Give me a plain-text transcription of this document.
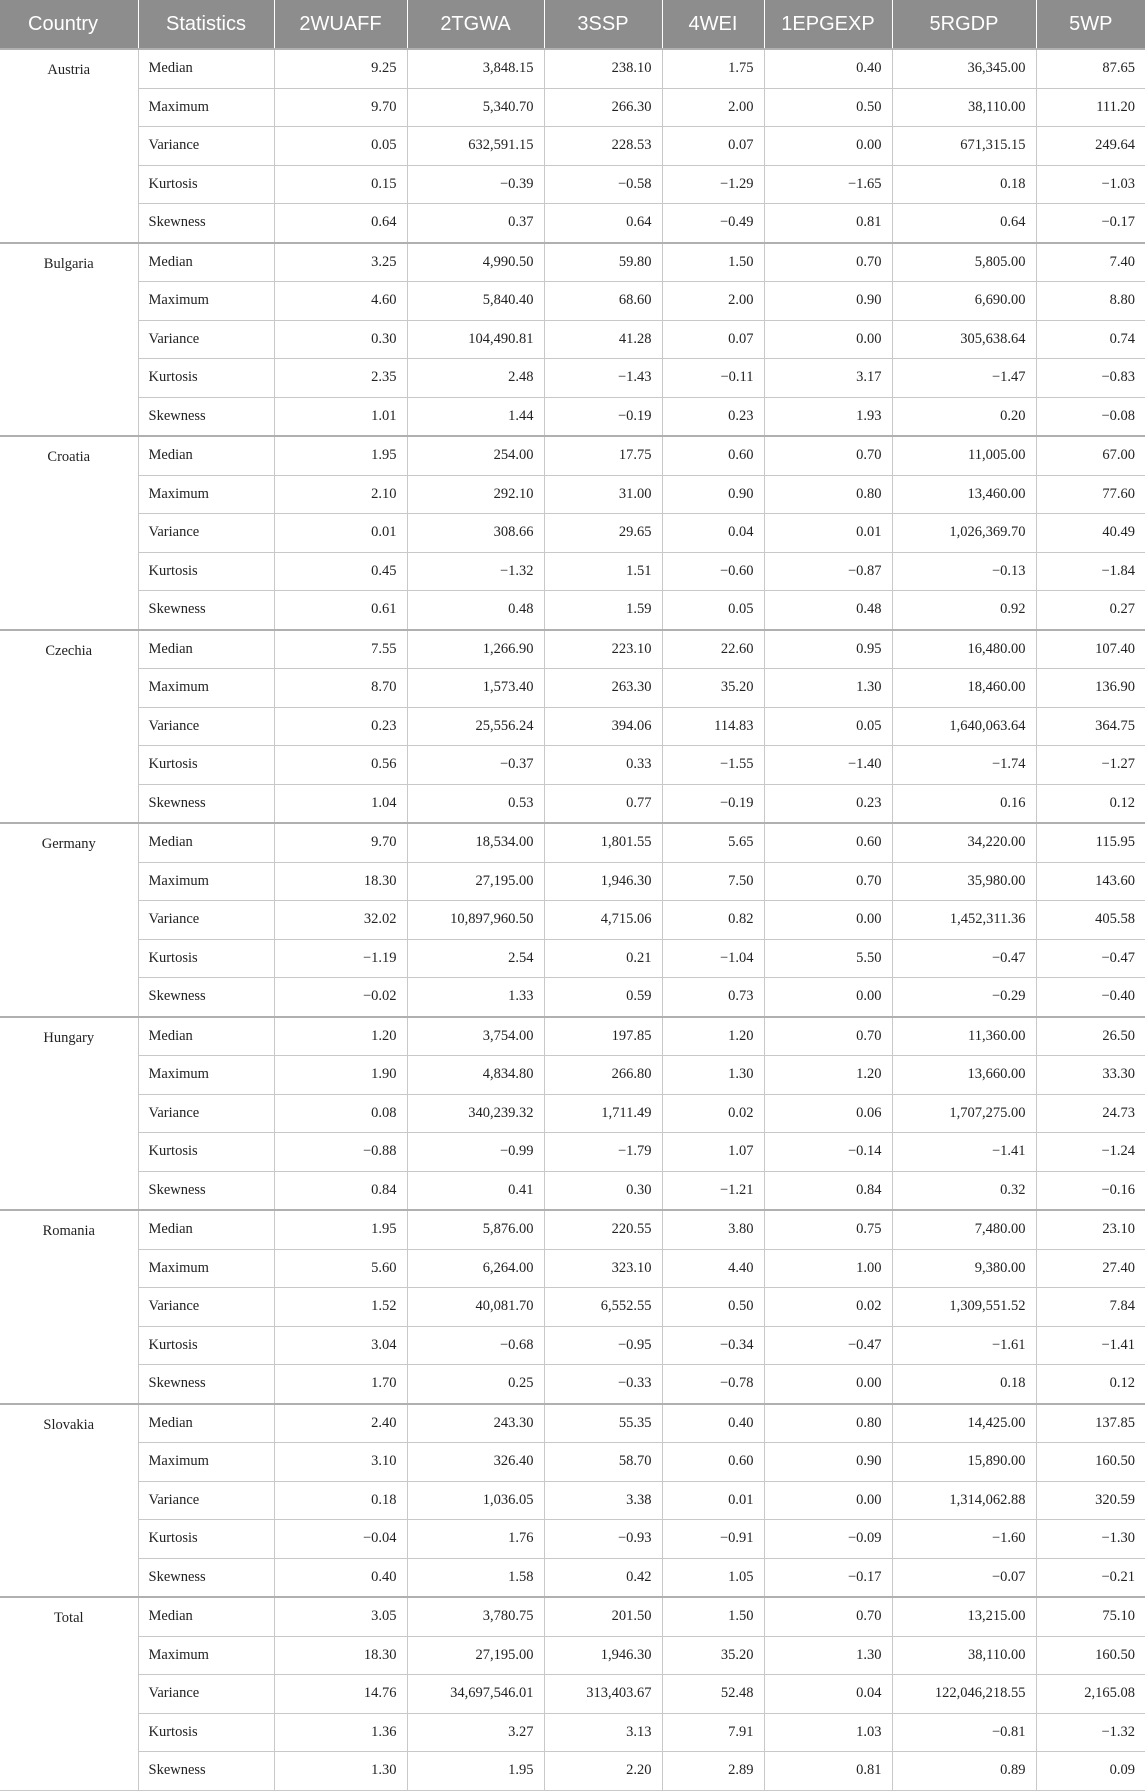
Country	Statistics	2WUAFF	2TGWA	3SSP	4WEI	1EPGEXP	5RGDP	5WP
Austria	Median	9.25	3,848.15	238.10	1.75	0.40	36,345.00	87.65
	Maximum	9.70	5,340.70	266.30	2.00	0.50	38,110.00	111.20
	Variance	0.05	632,591.15	228.53	0.07	0.00	671,315.15	249.64
	Kurtosis	0.15	−0.39	−0.58	−1.29	−1.65	0.18	−1.03
	Skewness	0.64	0.37	0.64	−0.49	0.81	0.64	−0.17
Bulgaria	Median	3.25	4,990.50	59.80	1.50	0.70	5,805.00	7.40
	Maximum	4.60	5,840.40	68.60	2.00	0.90	6,690.00	8.80
	Variance	0.30	104,490.81	41.28	0.07	0.00	305,638.64	0.74
	Kurtosis	2.35	2.48	−1.43	−0.11	3.17	−1.47	−0.83
	Skewness	1.01	1.44	−0.19	0.23	1.93	0.20	−0.08
Croatia	Median	1.95	254.00	17.75	0.60	0.70	11,005.00	67.00
	Maximum	2.10	292.10	31.00	0.90	0.80	13,460.00	77.60
	Variance	0.01	308.66	29.65	0.04	0.01	1,026,369.70	40.49
	Kurtosis	0.45	−1.32	1.51	−0.60	−0.87	−0.13	−1.84
	Skewness	0.61	0.48	1.59	0.05	0.48	0.92	0.27
Czechia	Median	7.55	1,266.90	223.10	22.60	0.95	16,480.00	107.40
	Maximum	8.70	1,573.40	263.30	35.20	1.30	18,460.00	136.90
	Variance	0.23	25,556.24	394.06	114.83	0.05	1,640,063.64	364.75
	Kurtosis	0.56	−0.37	0.33	−1.55	−1.40	−1.74	−1.27
	Skewness	1.04	0.53	0.77	−0.19	0.23	0.16	0.12
Germany	Median	9.70	18,534.00	1,801.55	5.65	0.60	34,220.00	115.95
	Maximum	18.30	27,195.00	1,946.30	7.50	0.70	35,980.00	143.60
	Variance	32.02	10,897,960.50	4,715.06	0.82	0.00	1,452,311.36	405.58
	Kurtosis	−1.19	2.54	0.21	−1.04	5.50	−0.47	−0.47
	Skewness	−0.02	1.33	0.59	0.73	0.00	−0.29	−0.40
Hungary	Median	1.20	3,754.00	197.85	1.20	0.70	11,360.00	26.50
	Maximum	1.90	4,834.80	266.80	1.30	1.20	13,660.00	33.30
	Variance	0.08	340,239.32	1,711.49	0.02	0.06	1,707,275.00	24.73
	Kurtosis	−0.88	−0.99	−1.79	1.07	−0.14	−1.41	−1.24
	Skewness	0.84	0.41	0.30	−1.21	0.84	0.32	−0.16
Romania	Median	1.95	5,876.00	220.55	3.80	0.75	7,480.00	23.10
	Maximum	5.60	6,264.00	323.10	4.40	1.00	9,380.00	27.40
	Variance	1.52	40,081.70	6,552.55	0.50	0.02	1,309,551.52	7.84
	Kurtosis	3.04	−0.68	−0.95	−0.34	−0.47	−1.61	−1.41
	Skewness	1.70	0.25	−0.33	−0.78	0.00	0.18	0.12
Slovakia	Median	2.40	243.30	55.35	0.40	0.80	14,425.00	137.85
	Maximum	3.10	326.40	58.70	0.60	0.90	15,890.00	160.50
	Variance	0.18	1,036.05	3.38	0.01	0.00	1,314,062.88	320.59
	Kurtosis	−0.04	1.76	−0.93	−0.91	−0.09	−1.60	−1.30
	Skewness	0.40	1.58	0.42	1.05	−0.17	−0.07	−0.21
Total	Median	3.05	3,780.75	201.50	1.50	0.70	13,215.00	75.10
	Maximum	18.30	27,195.00	1,946.30	35.20	1.30	38,110.00	160.50
	Variance	14.76	34,697,546.01	313,403.67	52.48	0.04	122,046,218.55	2,165.08
	Kurtosis	1.36	3.27	3.13	7.91	1.03	−0.81	−1.32
	Skewness	1.30	1.95	2.20	2.89	0.81	0.89	0.09
